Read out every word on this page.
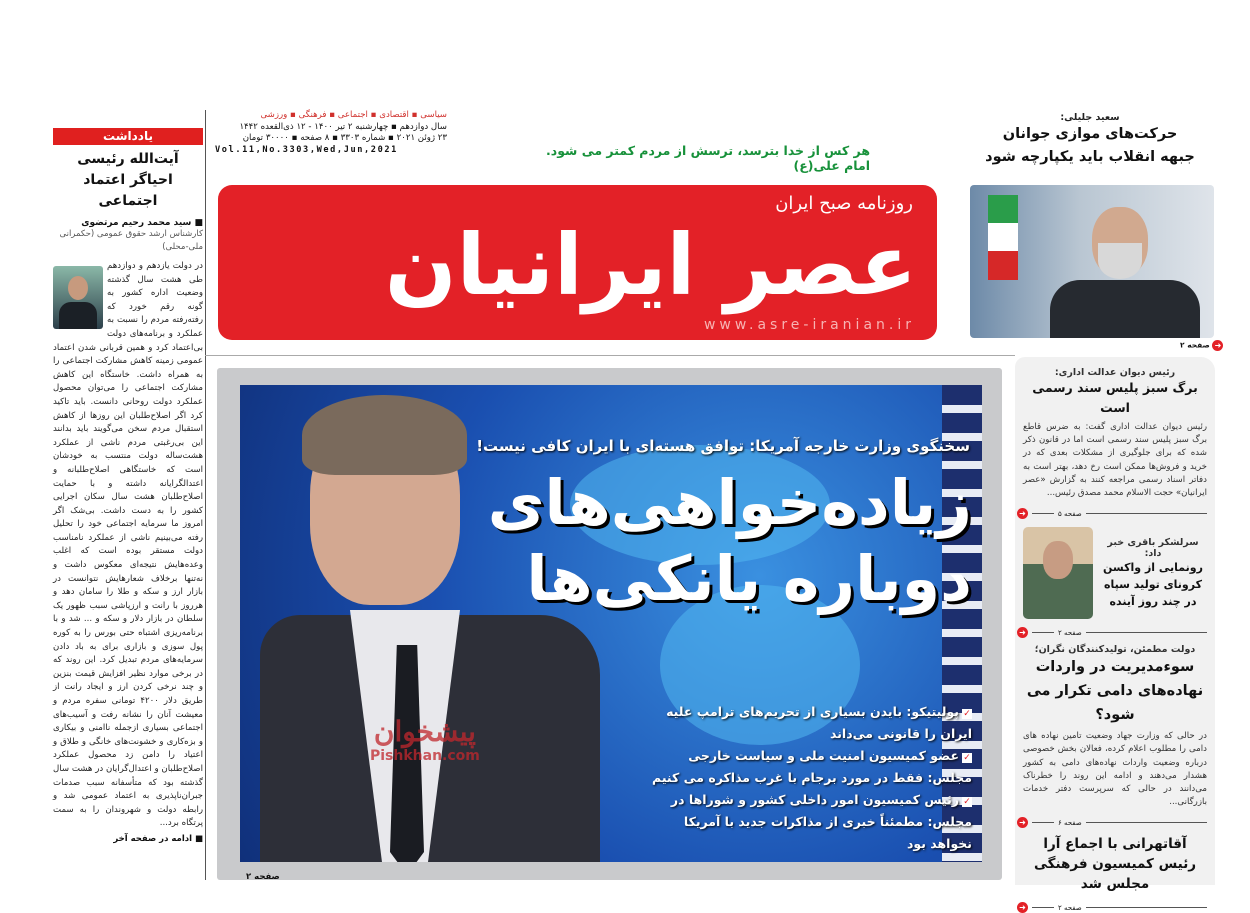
یادداشت
آیت‌الله رئیسی
احیاگر اعتماد اجتماعی
■ سید محمد رحیم مرتضوی
کارشناس ارشد حقوق عمومی (حکمرانی ملی-محلی)
در دولت یازدهم و دوازدهم طی هشت سال گذشته وضعیت اداره کشور به گونه رقم خورد که رفته‌رفته مردم را نسبت به عملکرد و برنامه‌های دولت بی‌اعتماد کرد و همین قربانی شدن اعتماد عمومی زمینه کاهش مشارکت اجتماعی را به همراه داشت. خاستگاه این کاهش مشارکت اجتماعی را می‌توان محصول عملکرد دولت روحانی دانست. باید تاکید کرد اگر اصلاح‌طلبان این روزها از کاهش استقبال مردم سخن می‌گویند باید بدانند این بی‌رغبتی مردم ناشی از عملکرد هشت‌ساله دولت منتسب به خودشان است که خاستگاهی اصلاح‌طلبانه و اعتدالگرایانه داشته و با حمایت اصلاح‌طلبان هشت سال سکان اجرایی کشور را به دست داشت. بی‌شک اگر امروز ما سرمایه اجتماعی خود را تحلیل رفته می‌بینیم ناشی از عملکرد نامناسب دولت مستقر بوده است که اغلب وعده‌هایش نتیجه‌ای معکوس داشت و نه‌تنها برخلاف شعارهایش نتوانست در بازار ارز و سکه و طلا را سامان دهد و هرروز با رانت و ارزپاشی سبب ظهور یک سلطان در بازار دلار و سکه و ... شد و با برنامه‌ریزی اشتباه حتی بورس را به کوره پول سوزی و بازاری برای به باد دادن سرمایه‌های مردم تبدیل کرد. این روند که در برخی موارد نظیر افزایش قیمت بنزین و چند نرخی کردن ارز و ایجاد رانت از طریق دلار ۴۲۰۰ تومانی سفره مردم و معیشت آنان را نشانه رفت و آسیب‌های اجتماعی بسیاری ازجمله ناامنی و بیکاری و بزه‌کاری و خشونت‌های خانگی و طلاق و اعتیاد را دامن زد محصول عملکرد اصلاح‌طلبان و اعتدال‌گرایان در هشت سال گذشته بود که متأسفانه سبب صدمات جبران‌ناپذیری به اعتماد عمومی شد و رابطه دولت و شهروندان را به سمت پرتگاه برد...
■ ادامه در صفحه آخر
سیاسی ▪ اقتصادی ▪ اجتماعی ▪ فرهنگی ▪ ورزشی
سال دوازدهم ▪ چهارشنبه ۲ تیر ۱۴۰۰ - ۱۲ ذی‌القعده ۱۴۴۲
۲۳ ژوئن ۲۰۲۱ ▪ شماره ۳۳۰۳ ▪ ۸ صفحه ▪ ۳۰۰۰۰ تومان
Vol.11,No.3303,Wed,Jun,2021	هر کس از خدا بترسد، ترسش از مردم کمتر می شود. امام علی(ع)
روزنامه صبح ایران
عصر ایرانیان
www.asre-iranian.ir
سخنگوی وزارت خارجه آمریکا: توافق هسته‌ای با ایران کافی نیست!
زیاده‌خواهی‌های دوباره یانکی‌ها
✓پولیتیکو: بایدن بسیاری از تحریم‌های ترامپ علیه ایران را قانونی می‌داند
✓عضو کمیسیون امنیت ملی و سیاست خارجی مجلس: فقط در مورد برجام با غرب مذاکره می کنیم
✓رئیس کمیسیون امور داخلی کشور و شوراها در مجلس: مطمئناً خبری از مذاکرات جدید با آمریکا نخواهد بود
پیشخوان
Pishkhan.com
صفحه ۲
سعید جلیلی:
حرکت‌های موازی جوانان
جبهه انقلاب باید یکپارچه شود
➜ صفحه ۲
رئیس دیوان عدالت اداری:
برگ سبز پلیس سند رسمی است
رئیس دیوان عدالت اداری گفت: به ضرس قاطع برگ سبز پلیس سند رسمی است اما در قانون ذکر شده که برای جلوگیری از مشکلات بعدی که در خرید و فروش‌ها ممکن است رخ دهد، بهتر است به دفاتر اسناد رسمی مراجعه کنند به گزارش «عصر ایرانیان» حجت الاسلام محمد مصدق رئیس...
➜	صفحه ۵
سرلشکر باقری خبر داد:
رونمایی از واکسن کرونای تولید سپاه در چند روز آینده
➜	صفحه ۲
دولت مطمئن، تولیدکنندگان نگران؛
سوءمدیریت در واردات
نهاده‌های دامی تکرار می شود؟
در حالی که وزارت جهاد وضعیت تامین نهاده های دامی را مطلوب اعلام کرده، فعالان بخش خصوصی درباره وضعیت واردات نهاده‌های دامی به کشور هشدار می‌دهند و ادامه این روند را خطرناک می‌دانند در حالی که سرپرست دفتر خدمات بازرگانی...
➜	صفحه ۶
آقاتهرانی با اجماع آرا
رئیس کمیسیون فرهنگی مجلس شد
➜	صفحه ۲
